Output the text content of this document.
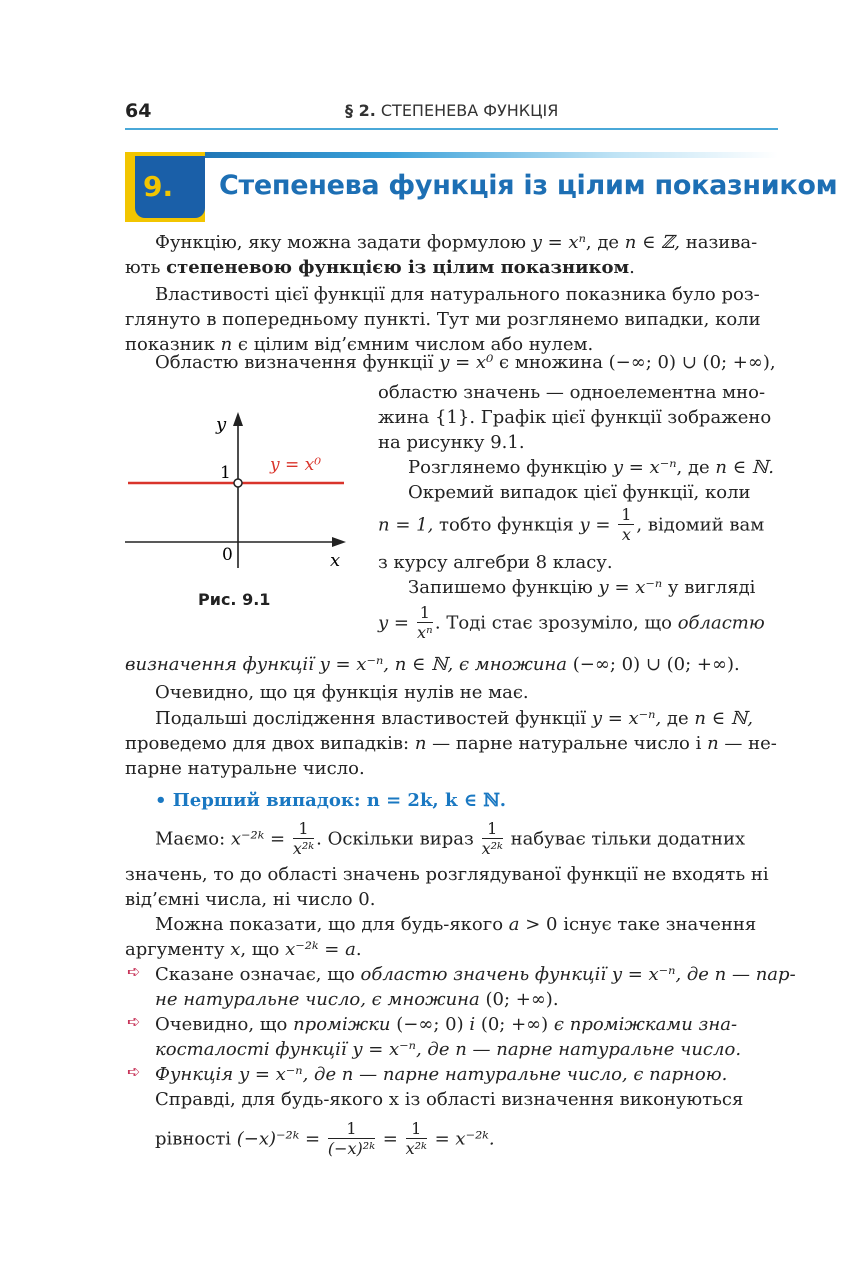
64	§ 2. СТЕПЕНЕВА ФУНКЦІЯ
9. Степенева функція із цілим показником
Функцію, яку можна задати формулою y = xⁿ, де n ∈ ℤ, називa-
ють степеневою функцією із цілим показником.
Властивості цієї функції для натурального показника було роз-
глянуто в попередньому пункті. Тут ми розглянемо випадки, коли
показник n є цілим від’ємним числом або нулем.
Областю визначення функції y = x⁰ є множина (−∞; 0) ∪ (0; +∞),
y
1
0	x
y = x⁰
Рис. 9.1
областю значень — одноелементна мно-
жина {1}. Графік цієї функції зображено
на рисунку 9.1.
Розглянемо функцію y = x⁻ⁿ, де n ∈ ℕ.
Окремий випадок цієї функції, коли
n = 1, тобто функція $y = \frac{1}{x}$ , відомий вам
з курсу алгебри 8 класу.
Запишемо функцію y = x⁻ⁿ у вигляді
$y = \frac{1}{\text{xⁿ}}$ . Тоді стає зрозуміло, що областю
визначення функції y = x⁻ⁿ, n ∈ ℕ, є множина (−∞; 0) ∪ (0; +∞).
Очевидно, що ця функція нулів не має.
Подальші дослідження властивостей функції y = x⁻ⁿ, де n ∈ ℕ,
проведемо для двох випадків: n — парне натуральне число і n — не-
парне натуральне число.
• Перший випадок: n = 2k, k ∈ ℕ.
Маємо: x⁻²ᵏ = $\frac{1}{\text{x²ᵏ}}$ . Оскільки вираз $\frac{1}{\text{x²ᵏ}}$ набуває тільки додатних
значень, то до області значень розглядуваної функції не входять ні
від’ємні числа, ні число 0.
Можна показати, що для будь-якого a > 0 існує таке значення
аргументу x, що x⁻²ᵏ = a.
➪ Сказане означає, що областю значень функції y = x⁻ⁿ, де n — пар-
не натуральне число, є множина (0; +∞).
➪ Очевидно, що проміжки (−∞; 0) і (0; +∞) є проміжками зна-
косталості функції y = x⁻ⁿ, де n — парне натуральне число.
➪ Функція y = x⁻ⁿ, де n — парне натуральне число, є парною.
Справді, для будь-якого x із області визначення виконуються
рівності (−x)⁻²ᵏ = $\frac{1}{\text{(−x)²ᵏ}} = \frac{1}{\text{x²ᵏ}}$ = x⁻²ᵏ.
